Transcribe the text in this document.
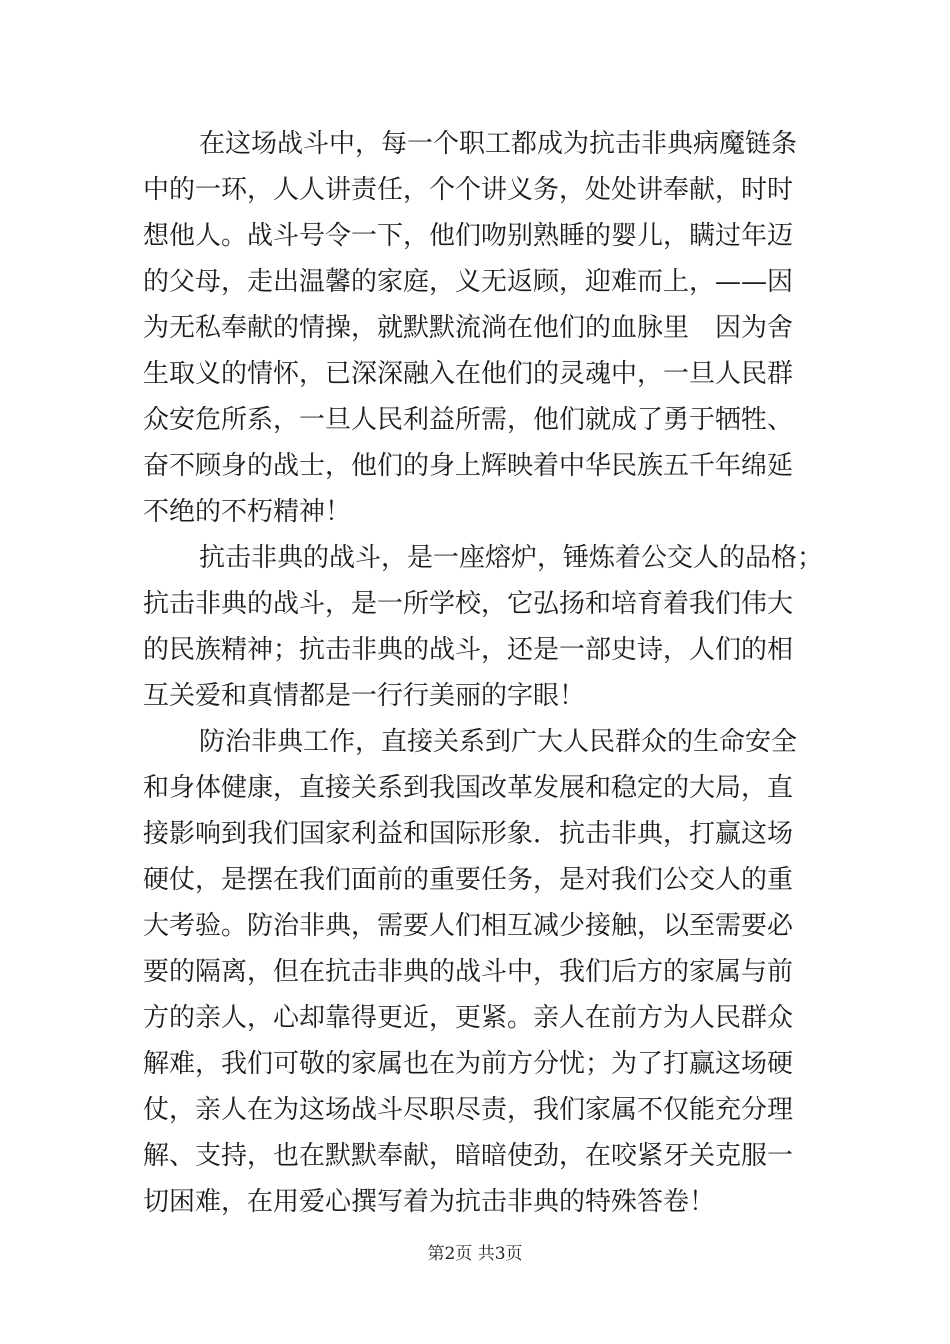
在这场战斗中，每一个职工都成为抗击非典病魔链条
中的一环，人人讲责任，个个讲义务，处处讲奉献，时时
想他人。战斗号令一下，他们吻别熟睡的婴儿，瞒过年迈
的父母，走出温馨的家庭，义无返顾，迎难而上，——因
为无私奉献的情操，就默默流淌在他们的血脉里　因为舍
生取义的情怀，已深深融入在他们的灵魂中，一旦人民群
众安危所系，一旦人民利益所需，他们就成了勇于牺牲、
奋不顾身的战士，他们的身上辉映着中华民族五千年绵延
不绝的不朽精神！
抗击非典的战斗，是一座熔炉，锤炼着公交人的品格；
抗击非典的战斗，是一所学校，它弘扬和培育着我们伟大
的民族精神；抗击非典的战斗，还是一部史诗，人们的相
互关爱和真情都是一行行美丽的字眼！
防治非典工作，直接关系到广大人民群众的生命安全
和身体健康，直接关系到我国改革发展和稳定的大局，直
接影响到我们国家利益和国际形象．抗击非典，打赢这场
硬仗，是摆在我们面前的重要任务，是对我们公交人的重
大考验。防治非典，需要人们相互减少接触，以至需要必
要的隔离，但在抗击非典的战斗中，我们后方的家属与前
方的亲人，心却靠得更近，更紧。亲人在前方为人民群众
解难，我们可敬的家属也在为前方分忧；为了打赢这场硬
仗，亲人在为这场战斗尽职尽责，我们家属不仅能充分理
解、支持，也在默默奉献，暗暗使劲，在咬紧牙关克服一
切困难，在用爱心撰写着为抗击非典的特殊答卷！
第2页 共3页
